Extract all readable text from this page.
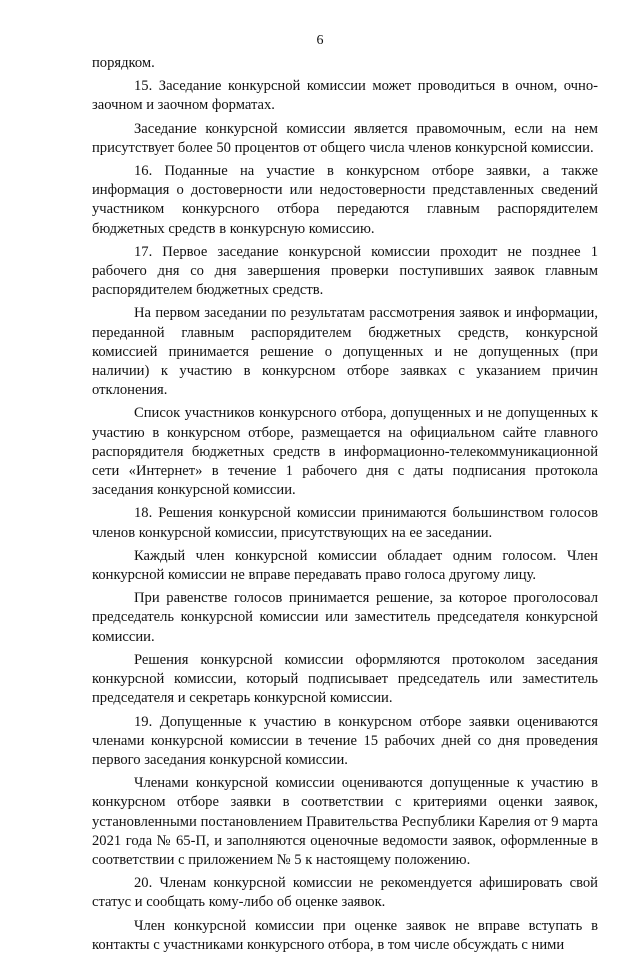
6

порядком.

15. Заседание конкурсной комиссии может проводиться в очном, очно-заочном и заочном форматах.

Заседание конкурсной комиссии является правомочным, если на нем присутствует более 50 процентов от общего числа членов конкурсной комиссии.

16. Поданные на участие в конкурсном отборе заявки, а также информация о достоверности или недостоверности представленных сведений участником конкурсного отбора передаются главным распорядителем бюджетных средств в конкурсную комиссию.

17. Первое заседание конкурсной комиссии проходит не позднее 1 рабочего дня со дня завершения проверки поступивших заявок главным распорядителем бюджетных средств.

На первом заседании по результатам рассмотрения заявок и информации, переданной главным распорядителем бюджетных средств, конкурсной комиссией принимается решение о допущенных и не допущенных (при наличии) к участию в конкурсном отборе заявках с указанием причин отклонения.

Список участников конкурсного отбора, допущенных и не допущенных к участию в конкурсном отборе, размещается на официальном сайте главного распорядителя бюджетных средств в информационно-телекоммуникационной сети «Интернет» в течение 1 рабочего дня с даты подписания протокола заседания конкурсной комиссии.

18. Решения конкурсной комиссии принимаются большинством голосов членов конкурсной комиссии, присутствующих на ее заседании.

Каждый член конкурсной комиссии обладает одним голосом. Член конкурсной комиссии не вправе передавать право голоса другому лицу.

При равенстве голосов принимается решение, за которое проголосовал председатель конкурсной комиссии или заместитель председателя конкурсной комиссии.

Решения конкурсной комиссии оформляются протоколом заседания конкурсной комиссии, который подписывает председатель или заместитель председателя и секретарь конкурсной комиссии.

19. Допущенные к участию в конкурсном отборе заявки оцениваются членами конкурсной комиссии в течение 15 рабочих дней со дня проведения первого заседания конкурсной комиссии.

Членами конкурсной комиссии оцениваются допущенные к участию в конкурсном отборе заявки в соответствии с критериями оценки заявок, установленными постановлением Правительства Республики Карелия от 9 марта 2021 года № 65-П, и заполняются оценочные ведомости заявок, оформленные в соответствии с приложением № 5 к настоящему положению.

20. Членам конкурсной комиссии не рекомендуется афишировать свой статус и сообщать кому-либо об оценке заявок.

Член конкурсной комиссии при оценке заявок не вправе вступать в контакты с участниками конкурсного отбора, в том числе обсуждать с ними
